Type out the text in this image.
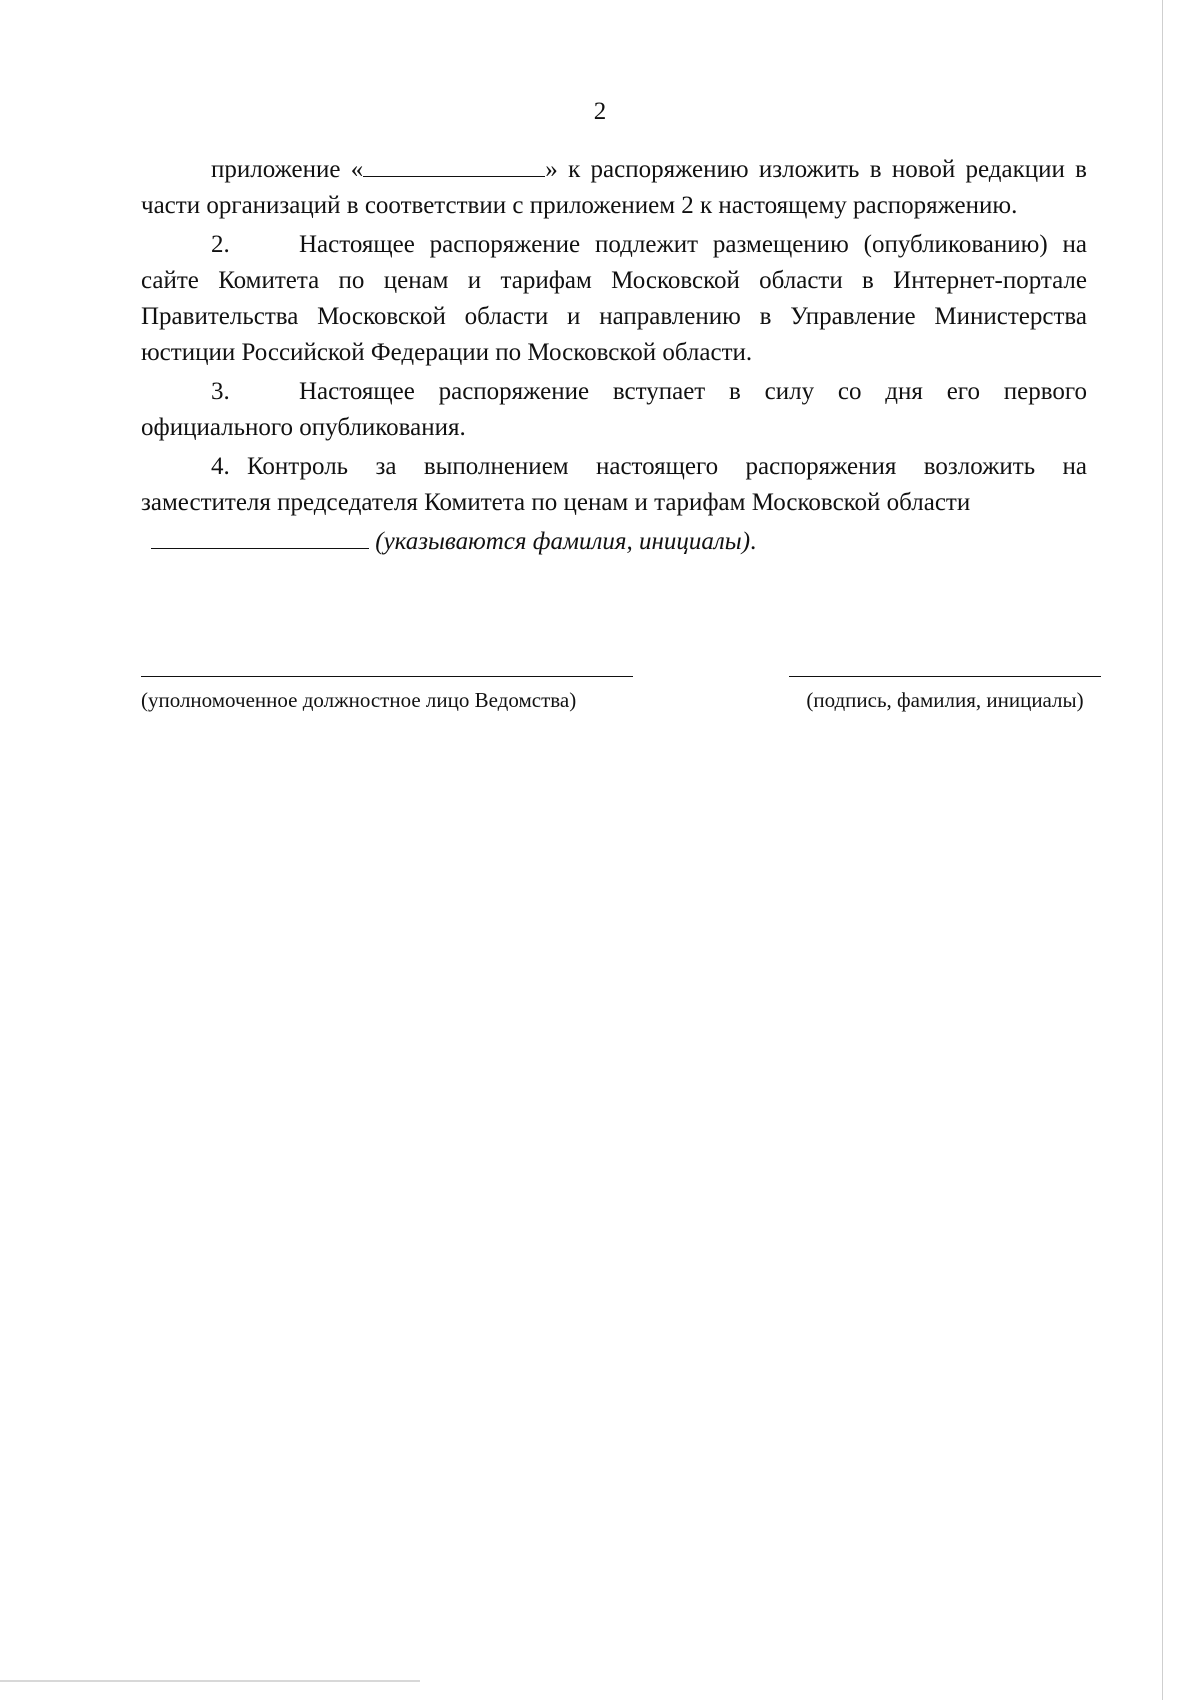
2

приложение «	» к распоряжению изложить в новой редакции в части организаций в соответствии с приложением 2 к настоящему распоряжению.

2.	Настоящее распоряжение подлежит размещению (опубликованию) на сайте Комитета по ценам и тарифам Московской области в Интернет-портале Правительства Московской области и направлению в Управление Министерства юстиции Российской Федерации по Московской области.

3.	Настоящее распоряжение вступает в силу со дня его первого официального опубликования.

4. Контроль за выполнением настоящего распоряжения возложить на заместителя председателя Комитета по ценам и тарифам Московской области

(указываются фамилия, инициалы).
(уполномоченное должностное лицо Ведомства)	(подпись, фамилия, инициалы)
